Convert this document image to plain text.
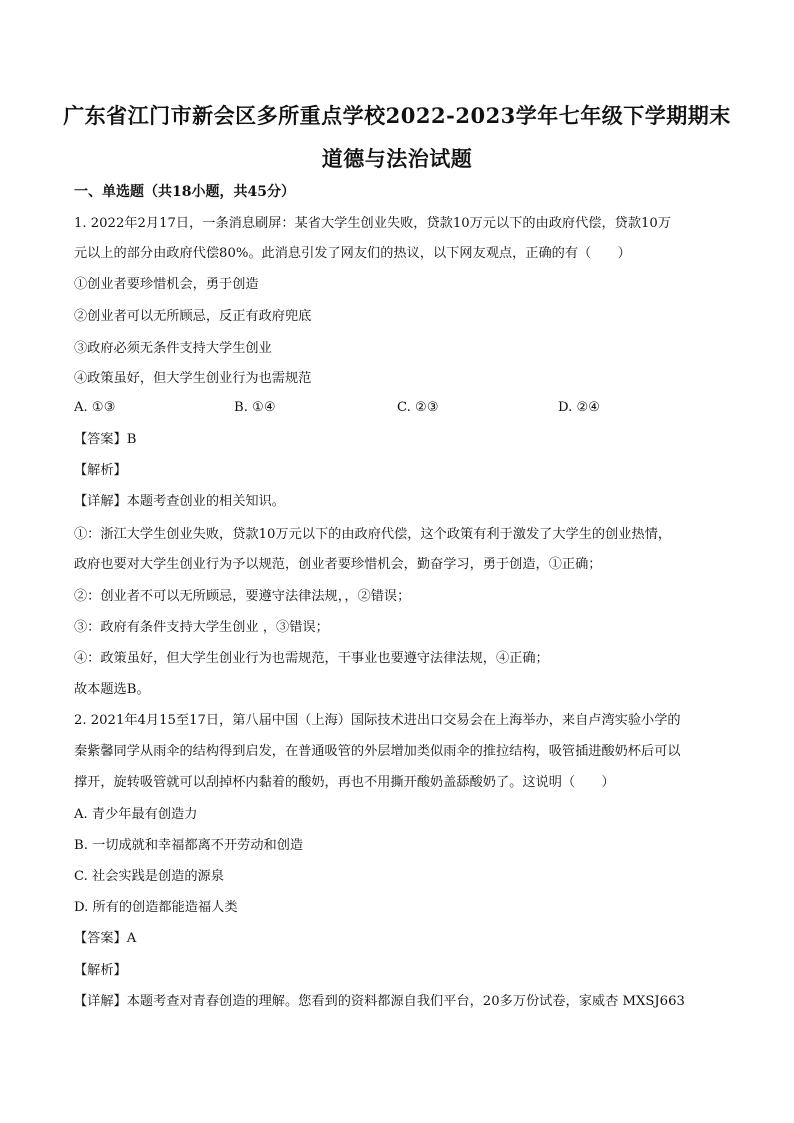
广东省江门市新会区多所重点学校2022-2023学年七年级下学期期末
道德与法治试题
一、单选题（共18小题，共45分）
1. 2022年2月17日，一条消息刷屏：某省大学生创业失败，贷款10万元以下的由政府代偿，贷款10万
元以上的部分由政府代偿80%。此消息引发了网友们的热议，以下网友观点，正确的有（　　）
①创业者要珍惜机会，勇于创造
②创业者可以无所顾忌，反正有政府兜底
③政府必须无条件支持大学生创业
④政策虽好，但大学生创业行为也需规范
A. ①③	B. ①④	C. ②③	D. ②④
【答案】B
【解析】
【详解】本题考查创业的相关知识。
①：浙江大学生创业失败，贷款10万元以下的由政府代偿，这个政策有利于激发了大学生的创业热情，
政府也要对大学生创业行为予以规范，创业者要珍惜机会，勤奋学习，勇于创造，①正确；
②：创业者不可以无所顾忌，要遵守法律法规，，②错误；
③：政府有条件支持大学生创业 ，③错误；
④：政策虽好，但大学生创业行为也需规范，干事业也要遵守法律法规，④正确；
故本题选B。
2. 2021年4月15至17日，第八届中国（上海）国际技术进出口交易会在上海举办，来自卢湾实验小学的
秦紫馨同学从雨伞的结构得到启发，在普通吸管的外层增加类似雨伞的推拉结构，吸管插进酸奶杯后可以
撑开，旋转吸管就可以刮掉杯内黏着的酸奶，再也不用撕开酸奶盖舔酸奶了。这说明（　　）
A. 青少年最有创造力
B. 一切成就和幸福都离不开劳动和创造
C. 社会实践是创造的源泉
D. 所有的创造都能造福人类
【答案】A
【解析】
【详解】本题考查对青春创造的理解。您看到的资料都源自我们平台，20多万份试卷，家威杏 MXSJ663
